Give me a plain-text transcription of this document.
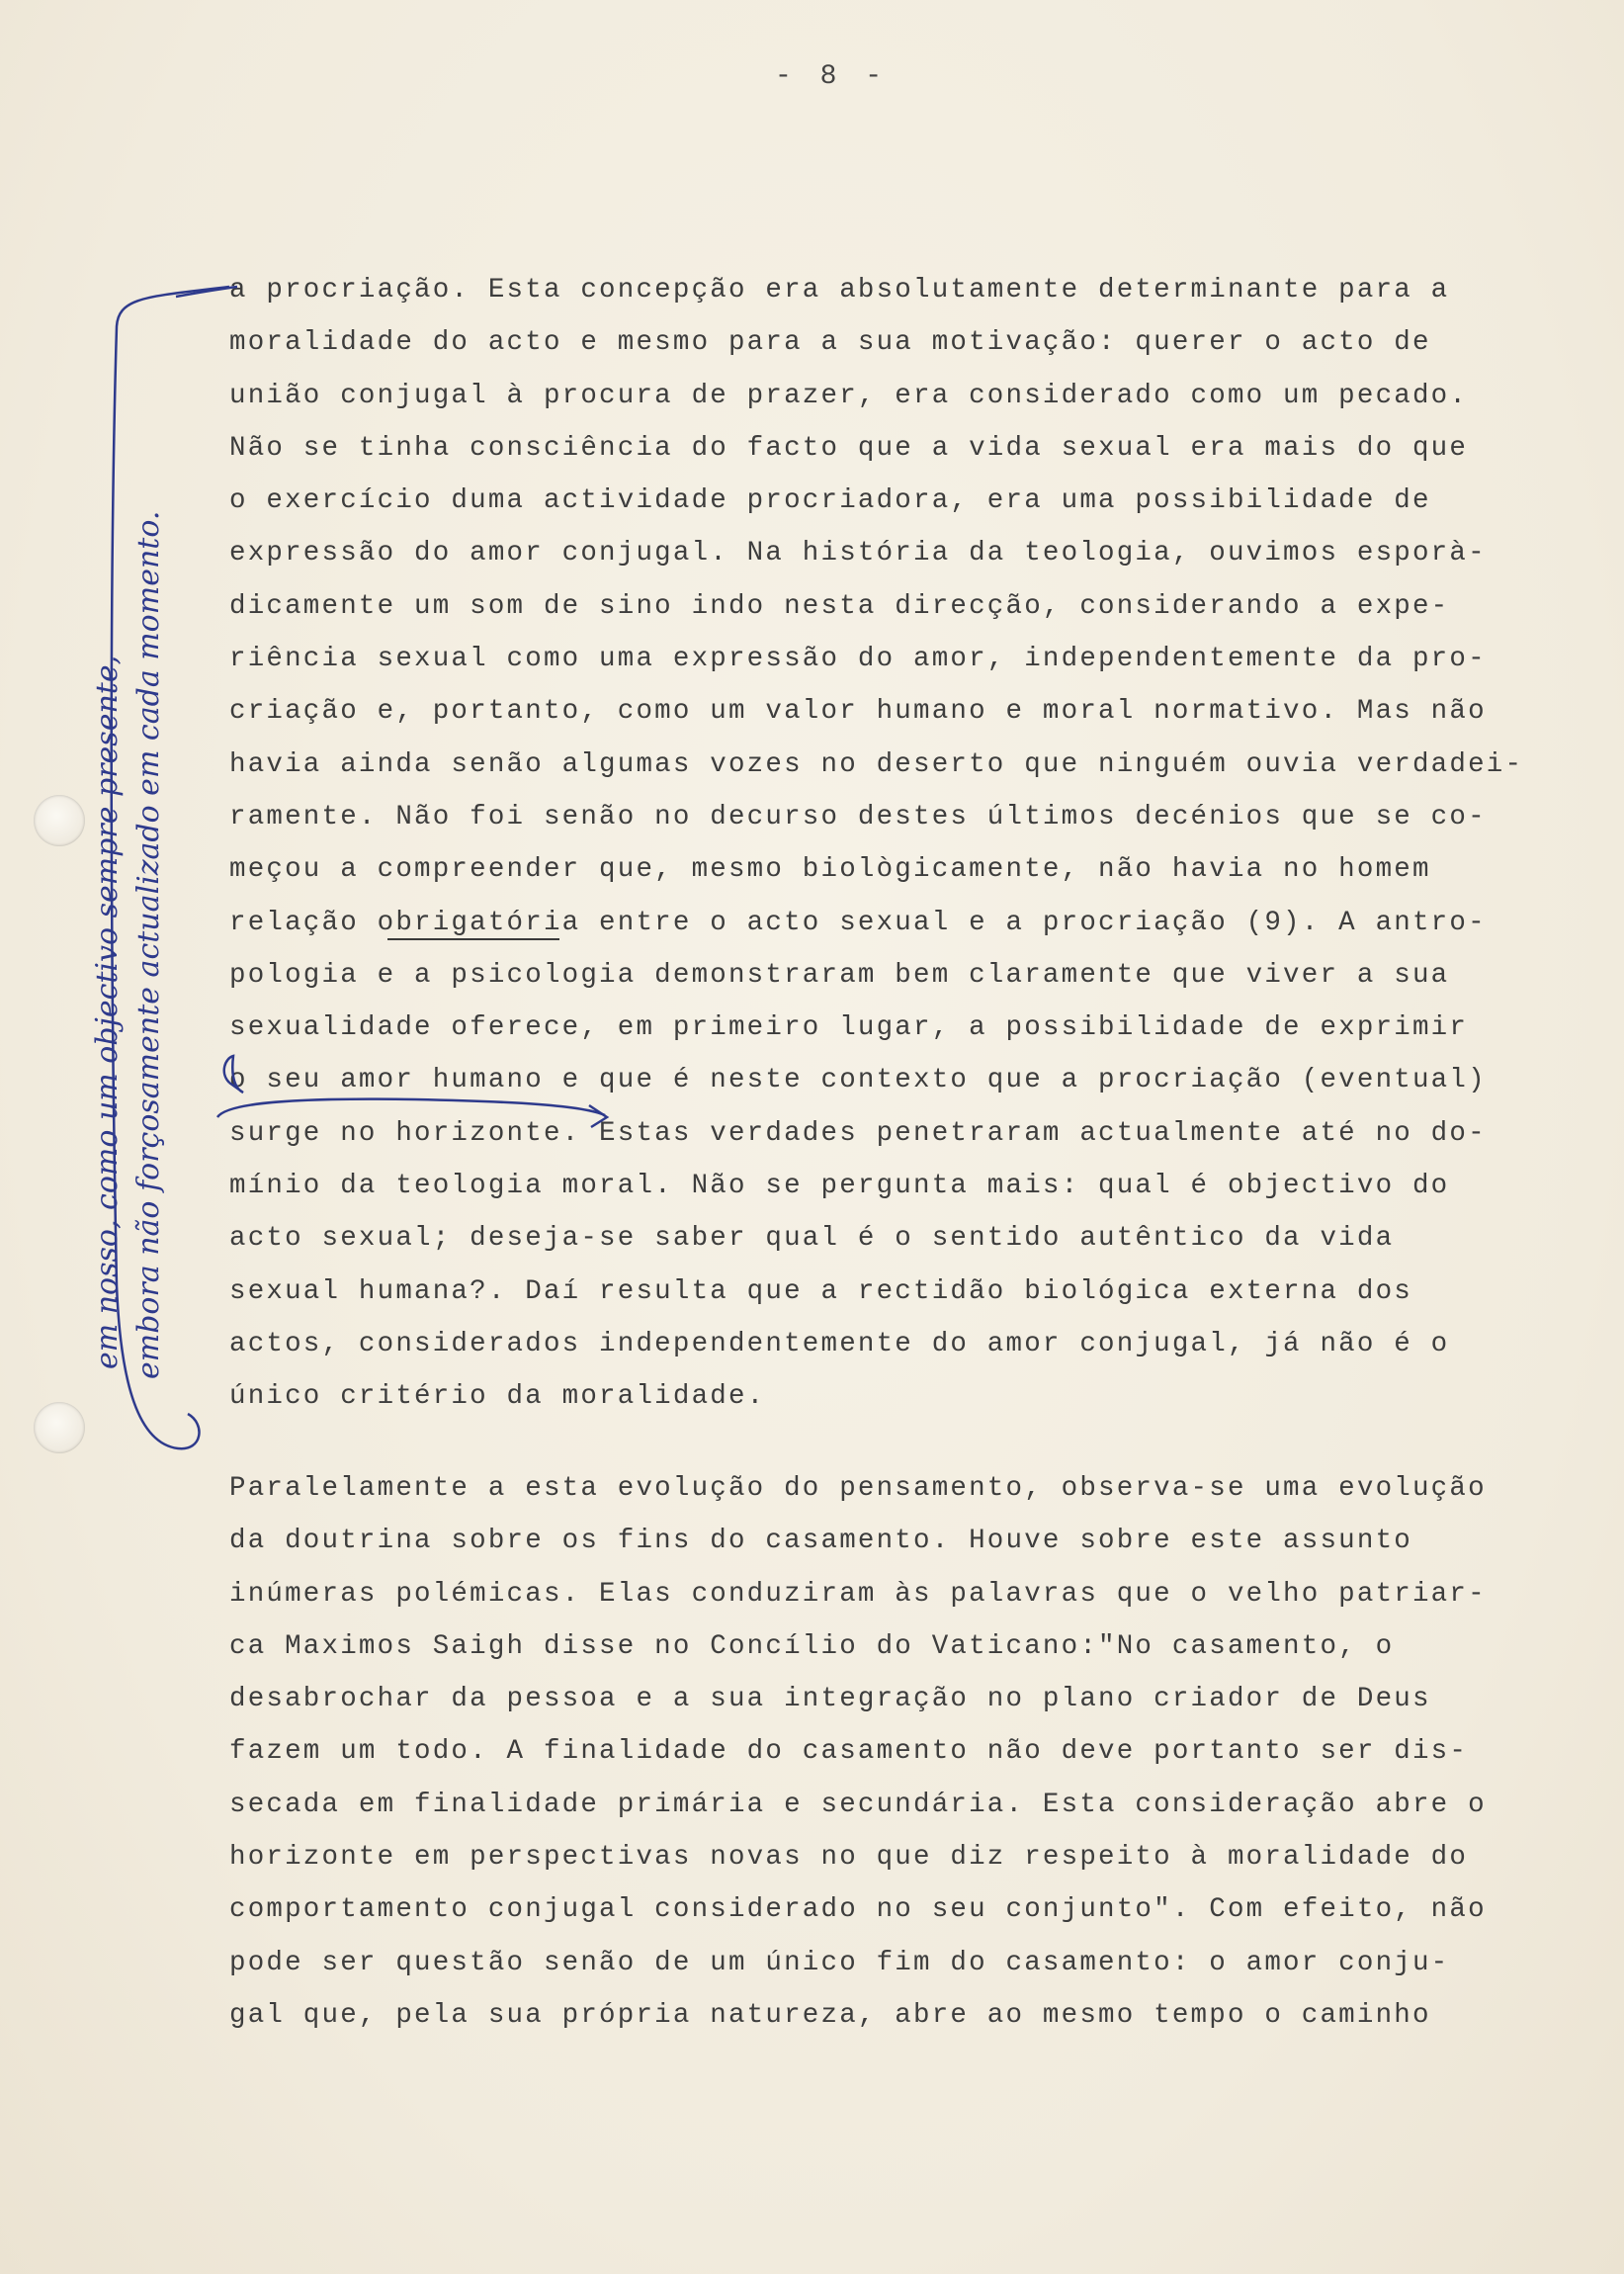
- 8 -
a procriação. Esta concepção era absolutamente determinante para a
moralidade do acto e mesmo para a sua motivação: querer o acto de
união conjugal à procura de prazer, era considerado como um pecado.
Não se tinha consciência do facto que a vida sexual era mais do que
o exercício duma actividade procriadora, era uma possibilidade de
expressão do amor conjugal. Na história da teologia, ouvimos esporà-
dicamente um som de sino indo nesta direcção, considerando a expe-
riência sexual como uma expressão do amor, independentemente da pro-
criação e, portanto, como um valor humano e moral normativo. Mas não
havia ainda senão algumas vozes no deserto que ninguém ouvia verdadei-
ramente. Não foi senão no decurso destes últimos decénios que se co-
meçou a compreender que, mesmo biològicamente, não havia no homem
relação obrigatória entre o acto sexual e a procriação (9). A antro-
pologia e a psicologia demonstraram bem claramente que viver a sua
sexualidade oferece, em primeiro lugar, a possibilidade de exprimir
o seu amor humano e que é neste contexto que a procriação (eventual)
surge no horizonte. Estas verdades penetraram actualmente até no do-
mínio da teologia moral. Não se pergunta mais: qual é objectivo do
acto sexual; deseja-se saber qual é o sentido autêntico da vida
sexual humana?. Daí resulta que a rectidão biológica externa dos
actos, considerados independentemente do amor conjugal, já não é o
único critério da moralidade.
Paralelamente a esta evolução do pensamento, observa-se uma evolução
da doutrina sobre os fins do casamento. Houve sobre este assunto
inúmeras polémicas. Elas conduziram às palavras que o velho patriar-
ca Maximos Saigh disse no Concílio do Vaticano:"No casamento, o
desabrochar da pessoa e a sua integração no plano criador de Deus
fazem um todo. A finalidade do casamento não deve portanto ser dis-
secada em finalidade primária e secundária. Esta consideração abre o
horizonte em perspectivas novas no que diz respeito à moralidade do
comportamento conjugal considerado no seu conjunto". Com efeito, não
pode ser questão senão de um único fim do casamento: o amor conju-
gal que, pela sua própria natureza, abre ao mesmo tempo o caminho
em nosso, como um objectivo sempre presente, embora não forçosamente actualizado em cada momento.
